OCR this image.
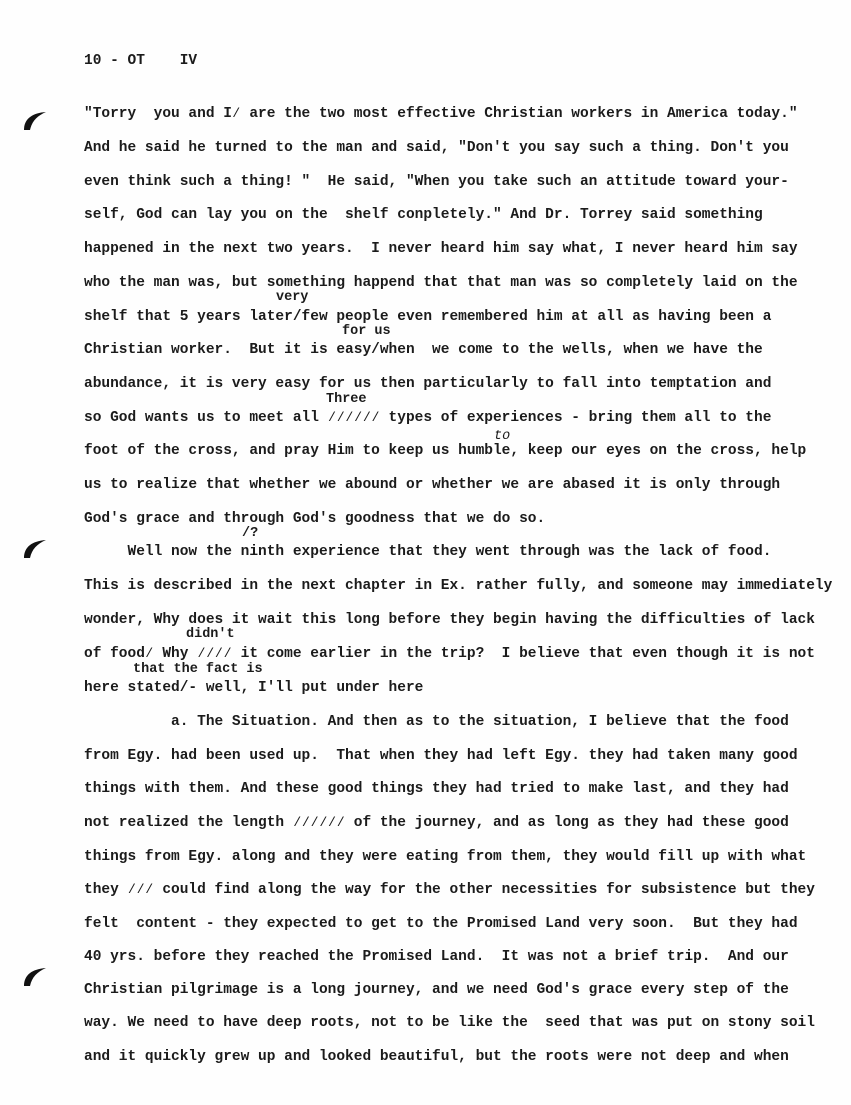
10 - OT    IV
very
for us
Three
to
/?
didn't
that the fact is
"Torry  you and I∕ are the two most effective Christian workers in America today."
And he said he turned to the man and said, "Don't you say such a thing. Don't you
even think such a thing! "  He said, "When you take such an attitude toward your-
self, God can lay you on the  shelf conpletely." And Dr. Torrey said something
happened in the next two years.  I never heard him say what, I never heard him say
who the man was, but something happend that that man was so completely laid on the
shelf that 5 years later/few people even remembered him at all as having been a
Christian worker.  But it is easy/when  we come to the wells, when we have the
abundance, it is very easy for us then particularly to fall into temptation and
so God wants us to meet all ∕∕∕∕∕∕ types of experiences - bring them all to the
foot of the cross, and pray Him to keep us humble, keep our eyes on the cross, help
us to realize that whether we abound or whether we are abased it is only through
God's grace and through God's goodness that we do so.
Well now the ninth experience that they went through was the lack of food.
This is described in the next chapter in Ex. rather fully, and someone may immediately
wonder, Why does it wait this long before they begin having the difficulties of lack
of food∕ Why ∕∕∕∕ it come earlier in the trip?  I believe that even though it is not
here stated/- well, I'll put under here
a. The Situation. And then as to the situation, I believe that the food
from Egy. had been used up.  That when they had left Egy. they had taken many good
things with them. And these good things they had tried to make last, and they had
not realized the length ∕∕∕∕∕∕ of the journey, and as long as they had these good
things from Egy. along and they were eating from them, they would fill up with what
they ∕∕∕ could find along the way for the other necessities for subsistence but they
felt  content - they expected to get to the Promised Land very soon.  But they had
40 yrs. before they reached the Promised Land.  It was not a brief trip.  And our
Christian pilgrimage is a long journey, and we need God's grace every step of the
way. We need to have deep roots, not to be like the  seed that was put on stony soil
and it quickly grew up and looked beautiful, but the roots were not deep and when
